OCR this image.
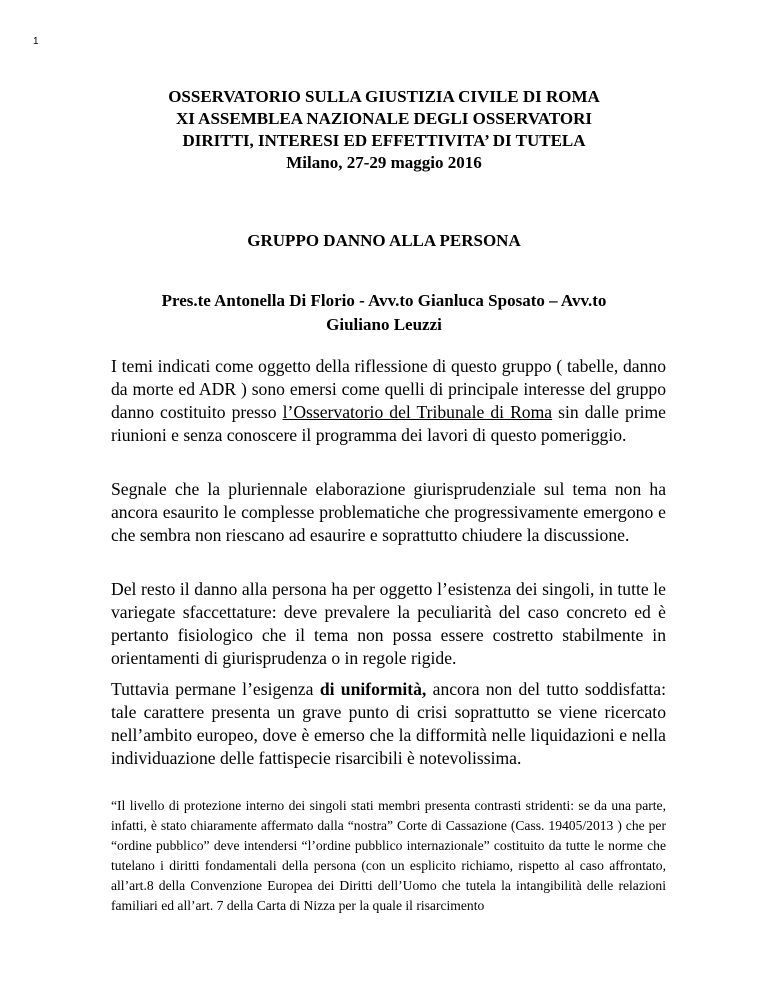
1
OSSERVATORIO SULLA GIUSTIZIA CIVILE DI ROMA
XI ASSEMBLEA NAZIONALE DEGLI OSSERVATORI
DIRITTI, INTERESI ED EFFETTIVITA’ DI TUTELA
Milano, 27-29 maggio 2016
GRUPPO DANNO ALLA PERSONA
Pres.te Antonella Di Florio - Avv.to Gianluca Sposato – Avv.to
Giuliano Leuzzi

I temi indicati come oggetto della riflessione di questo gruppo ( tabelle, danno da morte ed ADR ) sono emersi come quelli di principale interesse del gruppo danno costituito presso l’Osservatorio del Tribunale di Roma sin dalle prime riunioni e senza conoscere il programma dei lavori di questo pomeriggio.

Segnale che la pluriennale elaborazione giurisprudenziale sul tema non ha ancora esaurito le complesse problematiche che progressivamente emergono e che sembra non riescano ad esaurire e soprattutto chiudere la discussione.

Del resto il danno alla persona ha per oggetto l’esistenza dei singoli, in tutte le variegate sfaccettature: deve prevalere la peculiarità del caso concreto ed è pertanto fisiologico che il tema non possa essere costretto stabilmente in orientamenti di giurisprudenza o in regole rigide.

Tuttavia permane l’esigenza di uniformità, ancora non del tutto soddisfatta: tale carattere presenta un grave punto di crisi soprattutto se viene ricercato nell’ambito europeo, dove è emerso che la difformità nelle liquidazioni e nella individuazione delle fattispecie risarcibili è notevolissima.

“Il livello di protezione interno dei singoli stati membri presenta contrasti stridenti: se da una parte, infatti, è stato chiaramente affermato dalla “nostra” Corte di Cassazione (Cass. 19405/2013 ) che per “ordine pubblico” deve intendersi “l’ordine pubblico internazionale” costituito da tutte le norme che tutelano i diritti fondamentali della persona (con un esplicito richiamo, rispetto al caso affrontato, all’art.8 della Convenzione Europea dei Diritti dell’Uomo che tutela la intangibilità delle relazioni familiari ed all’art. 7 della Carta di Nizza per la quale il risarcimento
